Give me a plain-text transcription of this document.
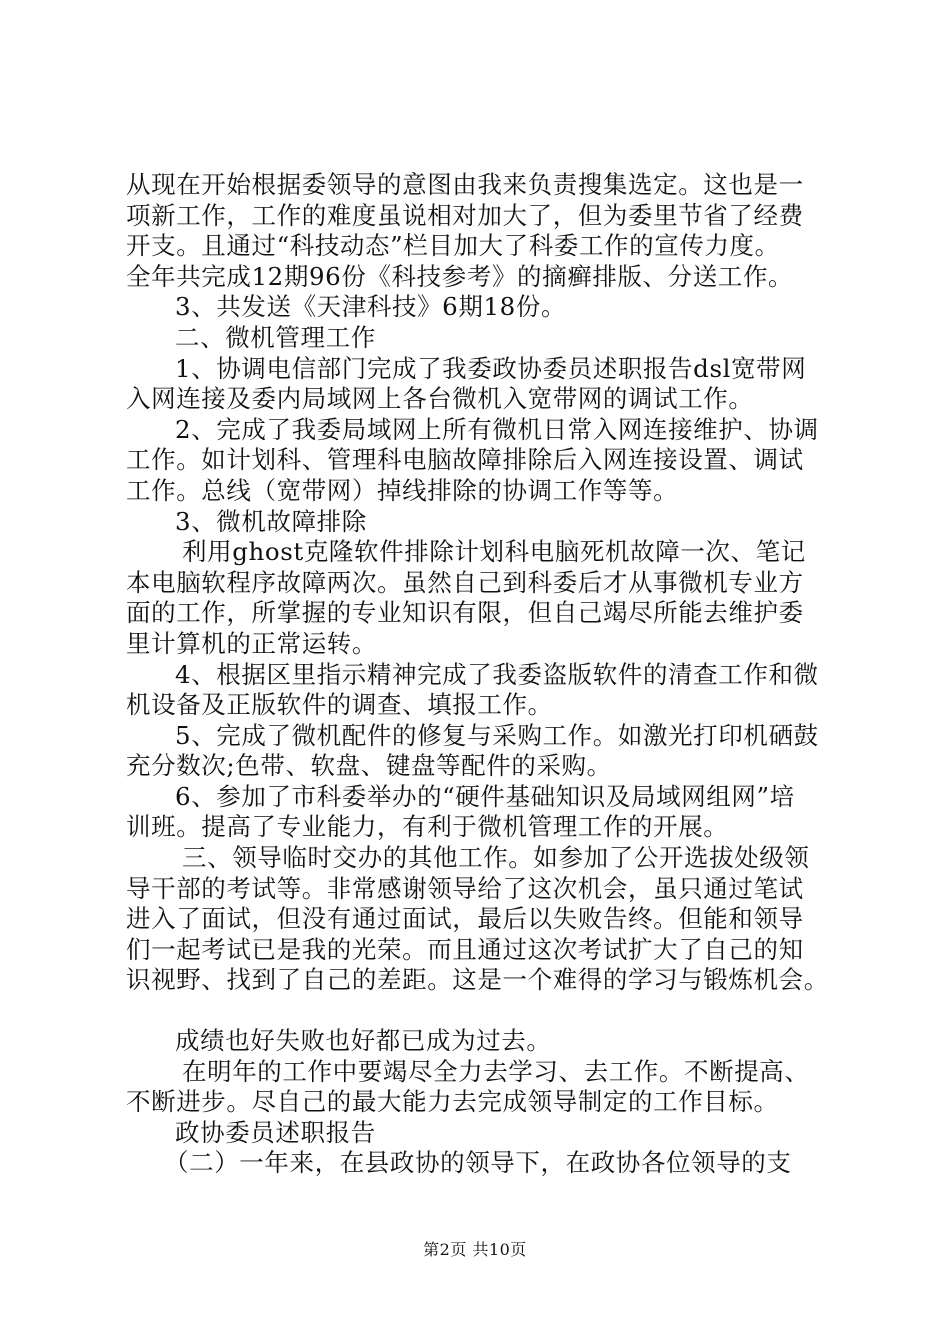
从现在开始根据委领导的意图由我来负责搜集选定。这也是一
项新工作，工作的难度虽说相对加大了，但为委里节省了经费
开支。且通过“科技动态”栏目加大了科委工作的宣传力度。
全年共完成12期96份《科技参考》的摘癣排版、分送工作。
3、共发送《天津科技》6期18份。
二、微机管理工作
1、协调电信部门完成了我委政协委员述职报告dsl宽带网
入网连接及委内局域网上各台微机入宽带网的调试工作。
2、完成了我委局域网上所有微机日常入网连接维护、协调
工作。如计划科、管理科电脑故障排除后入网连接设置、调试
工作。总线（宽带网）掉线排除的协调工作等等。
3、微机故障排除
利用ghost克隆软件排除计划科电脑死机故障一次、笔记
本电脑软程序故障两次。虽然自己到科委后才从事微机专业方
面的工作，所掌握的专业知识有限，但自己竭尽所能去维护委
里计算机的正常运转。
4、根据区里指示精神完成了我委盗版软件的清查工作和微
机设备及正版软件的调查、填报工作。
5、完成了微机配件的修复与采购工作。如激光打印机硒鼓
充分数次;色带、软盘、键盘等配件的采购。
6、参加了市科委举办的“硬件基础知识及局域网组网”培
训班。提高了专业能力，有利于微机管理工作的开展。
三、领导临时交办的其他工作。如参加了公开选拔处级领
导干部的考试等。非常感谢领导给了这次机会，虽只通过笔试
进入了面试，但没有通过面试，最后以失败告终。但能和领导
们一起考试已是我的光荣。而且通过这次考试扩大了自己的知
识视野、找到了自己的差距。这是一个难得的学习与锻炼机会。
成绩也好失败也好都已成为过去。
在明年的工作中要竭尽全力去学习、去工作。不断提高、
不断进步。尽自己的最大能力去完成领导制定的工作目标。
政协委员述职报告
（二）一年来，在县政协的领导下，在政协各位领导的支
第2页 共10页
